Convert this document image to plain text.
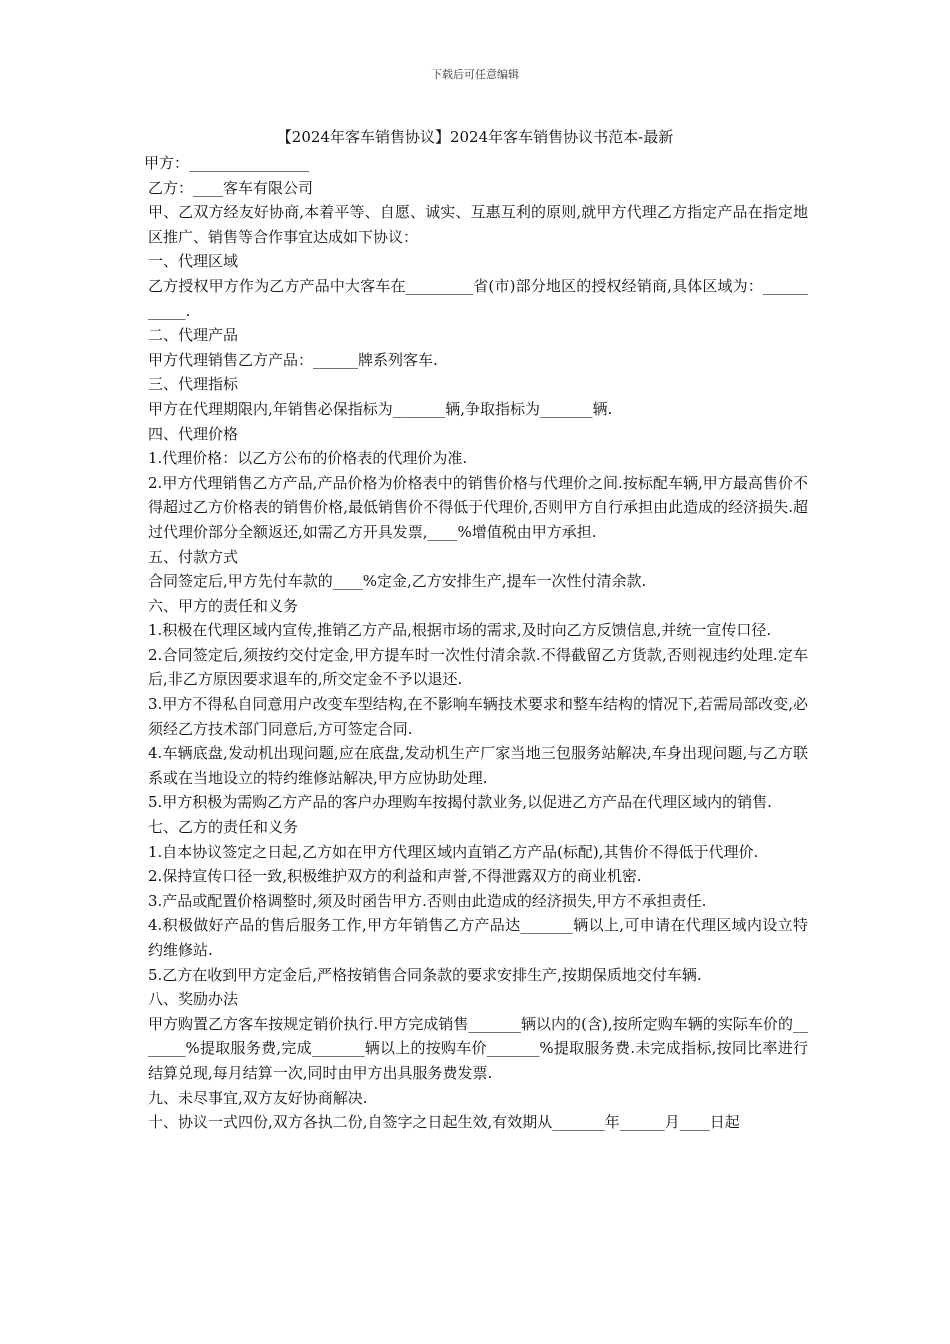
下载后可任意编辑
【2024年客车销售协议】2024年客车销售协议书范本-最新

甲方：________________

乙方：____客车有限公司

甲、乙双方经友好协商,本着平等、自愿、诚实、互惠互利的原则,就甲方代理乙方指定产品在指定地区推广、销售等合作事宜达成如下协议：

一、代理区域

乙方授权甲方作为乙方产品中大客车在_________省(市)部分地区的授权经销商,具体区域为：___________.

二、代理产品

甲方代理销售乙方产品：______牌系列客车.

三、代理指标

甲方在代理期限内,年销售必保指标为_______辆,争取指标为_______辆.

四、代理价格

1.代理价格：以乙方公布的价格表的代理价为准.

2.甲方代理销售乙方产品,产品价格为价格表中的销售价格与代理价之间.按标配车辆,甲方最高售价不得超过乙方价格表的销售价格,最低销售价不得低于代理价,否则甲方自行承担由此造成的经济损失.超过代理价部分全额返还,如需乙方开具发票,____%增值税由甲方承担.

五、付款方式

合同签定后,甲方先付车款的____%定金,乙方安排生产,提车一次性付清余款.

六、甲方的责任和义务

1.积极在代理区域内宣传,推销乙方产品,根据市场的需求,及时向乙方反馈信息,并统一宣传口径.

2.合同签定后,须按约交付定金,甲方提车时一次性付清余款.不得截留乙方货款,否则视违约处理.定车后,非乙方原因要求退车的,所交定金不予以退还.

3.甲方不得私自同意用户改变车型结构,在不影响车辆技术要求和整车结构的情况下,若需局部改变,必须经乙方技术部门同意后,方可签定合同.

4.车辆底盘,发动机出现问题,应在底盘,发动机生产厂家当地三包服务站解决,车身出现问题,与乙方联系或在当地设立的特约维修站解决,甲方应协助处理.

5.甲方积极为需购乙方产品的客户办理购车按揭付款业务,以促进乙方产品在代理区域内的销售.

七、乙方的责任和义务

1.自本协议签定之日起,乙方如在甲方代理区域内直销乙方产品(标配),其售价不得低于代理价.

2.保持宣传口径一致,积极维护双方的利益和声誉,不得泄露双方的商业机密.

3.产品或配置价格调整时,须及时函告甲方.否则由此造成的经济损失,甲方不承担责任.

4.积极做好产品的售后服务工作,甲方年销售乙方产品达_______辆以上,可申请在代理区域内设立特约维修站.

5.乙方在收到甲方定金后,严格按销售合同条款的要求安排生产,按期保质地交付车辆.

八、奖励办法

甲方购置乙方客车按规定销价执行.甲方完成销售_______辆以内的(含),按所定购车辆的实际车价的_______%提取服务费,完成_______辆以上的按购车价_______%提取服务费.未完成指标,按同比率进行结算兑现,每月结算一次,同时由甲方出具服务费发票.

九、未尽事宜,双方友好协商解决.

十、协议一式四份,双方各执二份,自签字之日起生效,有效期从_______年______月____日起
